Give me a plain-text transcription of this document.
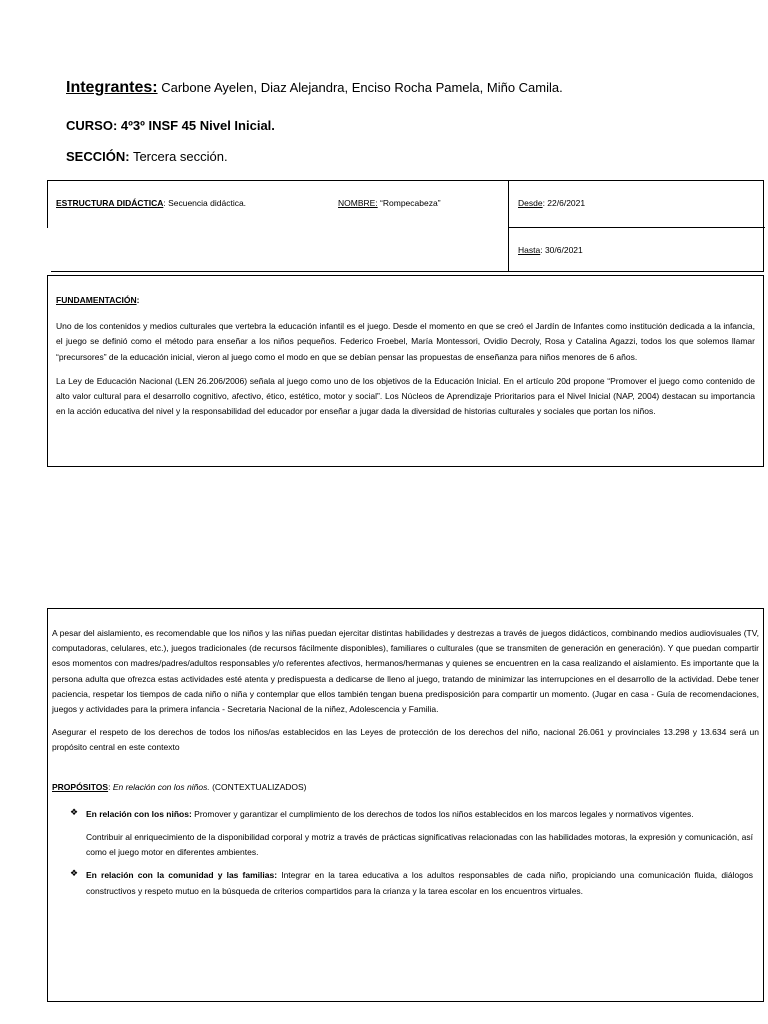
Integrantes: Carbone Ayelen, Diaz Alejandra, Enciso Rocha Pamela, Miño Camila.
CURSO: 4º3º INSF 45 Nivel Inicial.
SECCIÓN: Tercera sección.
ESTRUCTURA DIDÁCTICA: Secuencia didáctica.	NOMBRE: “Rompecabeza”	Desde: 22/6/2021
Hasta: 30/6/2021

FUNDAMENTACIÓN:

Uno de los contenidos y medios culturales que vertebra la educación infantil es el juego. Desde el momento en que se creó el Jardín de Infantes como institución dedicada a la infancia, el juego se definió como el método para enseñar a los niños pequeños. Federico Froebel, María Montessori, Ovidio Decroly, Rosa y Catalina Agazzi, todos los que solemos llamar “precursores” de la educación inicial, vieron al juego como el modo en que se debían pensar las propuestas de enseñanza para niños menores de 6 años.

La Ley de Educación Nacional (LEN 26.206/2006) señala al juego como uno de los objetivos de la Educación Inicial. En el artículo 20d propone “Promover el juego como contenido de alto valor cultural para el desarrollo cognitivo, afectivo, ético, estético, motor y social”. Los Núcleos de Aprendizaje Prioritarios para el Nivel Inicial (NAP, 2004) destacan su importancia en la acción educativa del nivel y la responsabilidad del educador por enseñar a jugar dada la diversidad de historias culturales y sociales que portan los niños.

A pesar del aislamiento, es recomendable que los niños y las niñas puedan ejercitar distintas habilidades y destrezas a través de juegos didácticos, combinando medios audiovisuales (TV, computadoras, celulares, etc.), juegos tradicionales (de recursos fácilmente disponibles), familiares o culturales (que se transmiten de generación en generación). Y que puedan compartir esos momentos con madres/padres/adultos responsables y/o referentes afectivos, hermanos/hermanas y quienes se encuentren en la casa realizando el aislamiento. Es importante que la persona adulta que ofrezca estas actividades esté atenta y predispuesta a dedicarse de lleno al juego, tratando de minimizar las interrupciones en el desarrollo de la actividad. Debe tener paciencia, respetar los tiempos de cada niño o niña y contemplar que ellos también tengan buena predisposición para compartir un momento. (Jugar en casa - Guía de recomendaciones, juegos y actividades para la primera infancia - Secretaria Nacional de la niñez, Adolescencia y Familia.

Asegurar el respeto de los derechos de todos los niños/as establecidos en las Leyes de protección de los derechos del niño, nacional 26.061 y provinciales 13.298 y 13.634 será un propósito central en este contexto

PROPÓSITOS: En relación con los niños. (CONTEXTUALIZADOS)

❖ En relación con los niños: Promover y garantizar el cumplimiento de los derechos de todos los niños establecidos en los marcos legales y normativos vigentes.

Contribuir al enriquecimiento de la disponibilidad corporal y motriz a través de prácticas significativas relacionadas con las habilidades motoras, la expresión y comunicación, así como el juego motor en diferentes ambientes.

❖ En relación con la comunidad y las familias: Integrar en la tarea educativa a los adultos responsables de cada niño, propiciando una comunicación fluida, diálogos constructivos y respeto mutuo en la búsqueda de criterios compartidos para la crianza y la tarea escolar en los encuentros virtuales.
